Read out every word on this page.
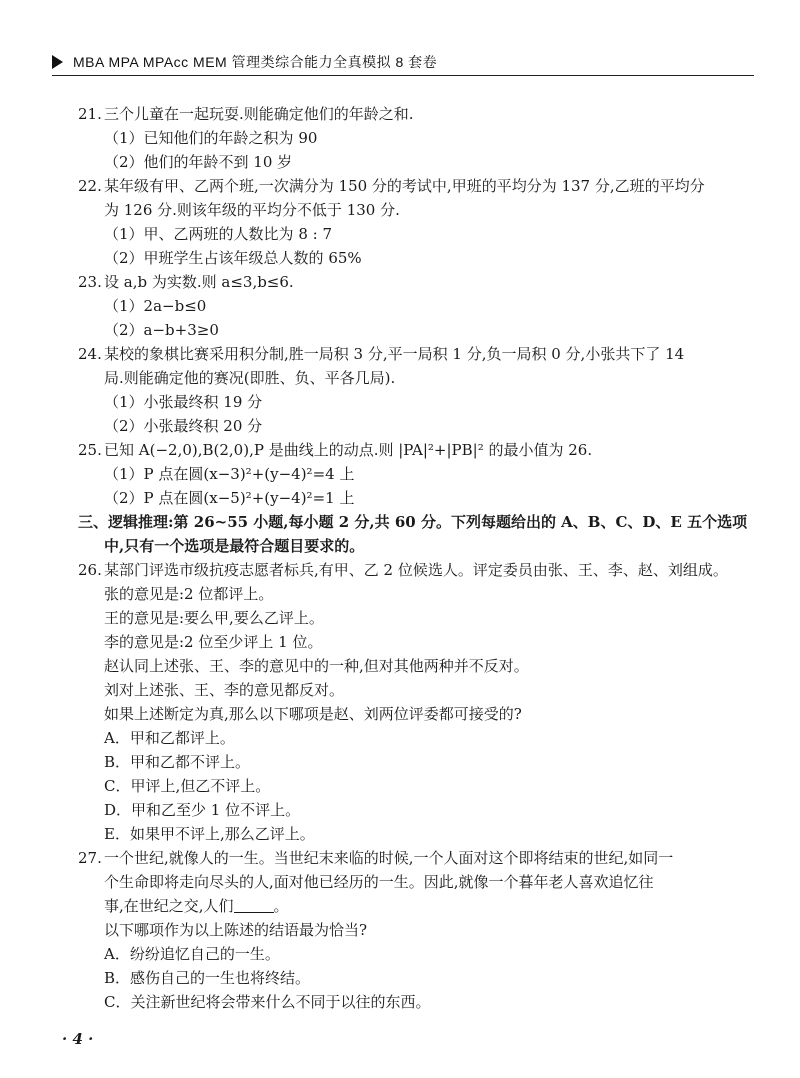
MBA MPA MPAcc MEM 管理类综合能力全真模拟 8 套卷
21. 三个儿童在一起玩耍.则能确定他们的年龄之和.
（1）已知他们的年龄之积为 90
（2）他们的年龄不到 10 岁
22. 某年级有甲、乙两个班,一次满分为 150 分的考试中,甲班的平均分为 137 分,乙班的平均分
为 126 分.则该年级的平均分不低于 130 分.
（1）甲、乙两班的人数比为 8 : 7
（2）甲班学生占该年级总人数的 65%
23. 设 a,b 为实数.则 a≤3,b≤6.
（1）2a−b≤0
（2）a−b+3≥0
24. 某校的象棋比赛采用积分制,胜一局积 3 分,平一局积 1 分,负一局积 0 分,小张共下了 14
局.则能确定他的赛况(即胜、负、平各几局).
（1）小张最终积 19 分
（2）小张最终积 20 分
25. 已知 A(−2,0),B(2,0),P 是曲线上的动点.则 |PA|²+|PB|² 的最小值为 26.
（1）P 点在圆(x−3)²+(y−4)²=4 上
（2）P 点在圆(x−5)²+(y−4)²=1 上
三、逻辑推理:第 26~55 小题,每小题 2 分,共 60 分。下列每题给出的 A、B、C、D、E 五个选项
中,只有一个选项是最符合题目要求的。
26. 某部门评选市级抗疫志愿者标兵,有甲、乙 2 位候选人。评定委员由张、王、李、赵、刘组成。
张的意见是:2 位都评上。
王的意见是:要么甲,要么乙评上。
李的意见是:2 位至少评上 1 位。
赵认同上述张、王、李的意见中的一种,但对其他两种并不反对。
刘对上述张、王、李的意见都反对。
如果上述断定为真,那么以下哪项是赵、刘两位评委都可接受的?
A．甲和乙都评上。
B．甲和乙都不评上。
C．甲评上,但乙不评上。
D．甲和乙至少 1 位不评上。
E．如果甲不评上,那么乙评上。
27. 一个世纪,就像人的一生。当世纪末来临的时候,一个人面对这个即将结束的世纪,如同一
个生命即将走向尽头的人,面对他已经历的一生。因此,就像一个暮年老人喜欢追忆往
事,在世纪之交,人们	。
以下哪项作为以上陈述的结语最为恰当?
A．纷纷追忆自己的一生。
B．感伤自己的一生也将终结。
C．关注新世纪将会带来什么不同于以往的东西。
· 4 ·
